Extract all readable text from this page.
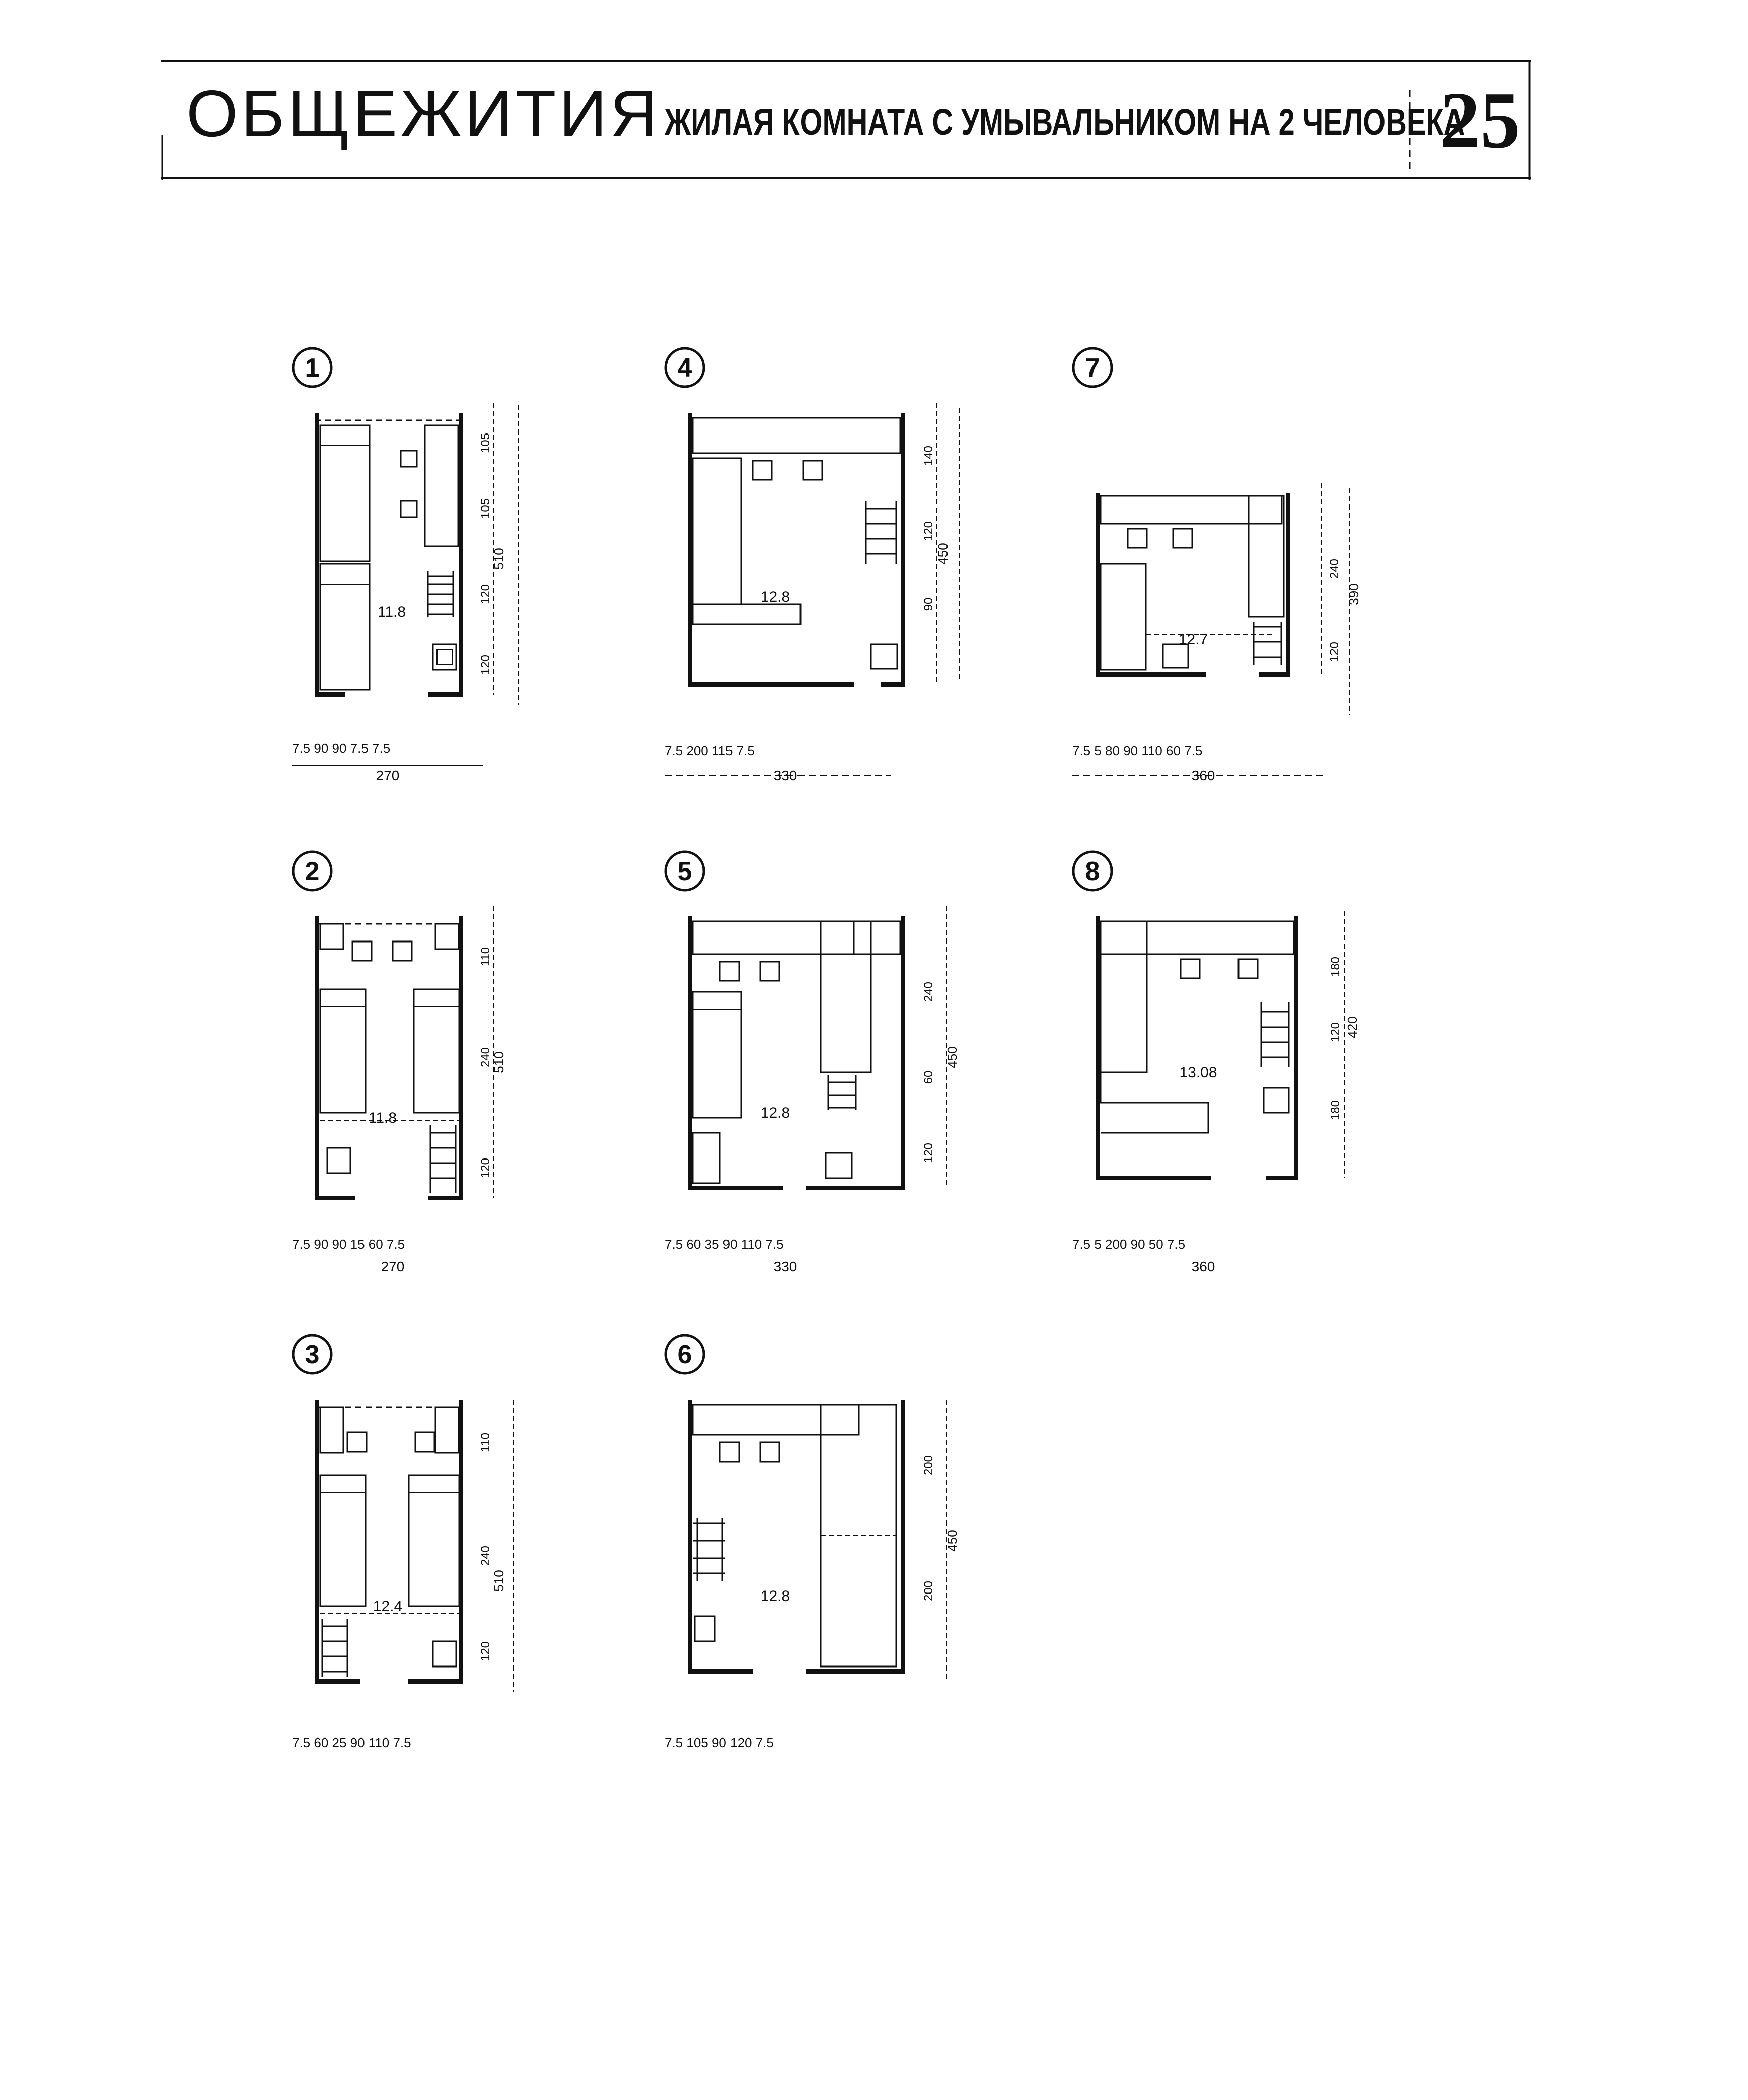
ОБЩЕЖИТИЯ ЖИЛАЯ КОМНАТА С УМЫВАЛЬНИКОМ НА 2 ЧЕЛОВЕКА
25
1
11.8
510
105
105
120
120
270
7.5 90 90 7.5 7.5
4
12.8
450
140
120
90
330
7.5 200 115 7.5
7
12.7
390
240
120
360
7.5 5 80 90 110 60 7.5
2
11.8
510
110
240
120
7.5 90 90 15 60 7.5
270
5
12.8
450
240
60
120
7.5 60 35 90 110 7.5
330
8
13.08
420
180
120
180
7.5 5 200 90 50 7.5
360
3
12.4
510
110
240
120
7.5 60 25 90 110 7.5
6
12.8
450
200
200
7.5 105 90 120 7.5
